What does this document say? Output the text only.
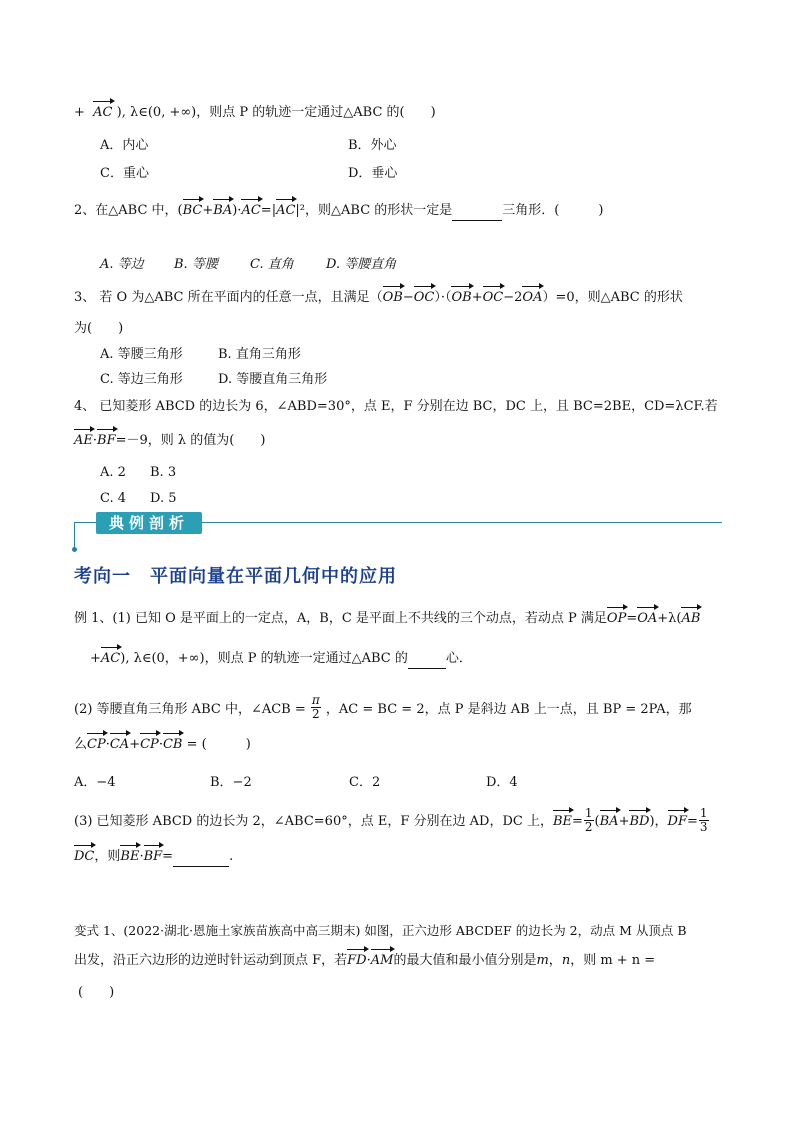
+ AC ), λ∈(0, +∞)，则点 P 的轨迹一定通过△ABC 的(　　)
A．内心	B．外心
C．重心	D．垂心
2、在△ABC 中，(BC+BA)·AC=|AC|²，则△ABC 的形状一定是	三角形．(　　　)
A. 等边 B. 等腰 C. 直角 D. 等腰直角
3、 若 O 为△ABC 所在平面内的任意一点，且满足（OB−OC）·（OB+OC−2OA）=0，则△ABC 的形状
为(　　)
A. 等腰三角形	B. 直角三角形
C. 等边三角形	D. 等腰直角三角形
4、 已知菱形 ABCD 的边长为 6，∠ABD=30°，点 E，F 分别在边 BC，DC 上，且 BC=2BE，CD=λCF.若
AE·BF=－9，则 λ 的值为(　　)
A. 2 B. 3
C. 4 D. 5
典例剖析
考向一　平面向量在平面几何中的应用
例 1、(1) 已知 O 是平面上的一定点，A，B，C 是平面上不共线的三个动点，若动点 P 满足OP=OA+λ(AB
+AC), λ∈(0，+∞)，则点 P 的轨迹一定通过△ABC 的	心．
(2) 等腰直角三角形 ABC 中，∠ACB = $\frac{\pi}{2}$ ，AC = BC = 2，点 P 是斜边 AB 上一点，且 BP = 2PA，那
么CP·CA+CP·CB = (　　　)
A．−4	B．−2	C．2	D．4
(3) 已知菱形 ABCD 的边长为 2，∠ABC=60°，点 E，F 分别在边 AD，DC 上，$BE= \frac{1}{2} (BA+BD)$，$DF= \frac{1}{3}$
DC，则BE·BF=	.
变式 1、(2022·湖北·恩施土家族苗族高中高三期末) 如图，正六边形 ABCDEF 的边长为 2，动点 M 从顶点 B
出发，沿正六边形的边逆时针运动到顶点 F，若FD·AM的最大值和最小值分别是m，n，则 m + n =
(　　)
